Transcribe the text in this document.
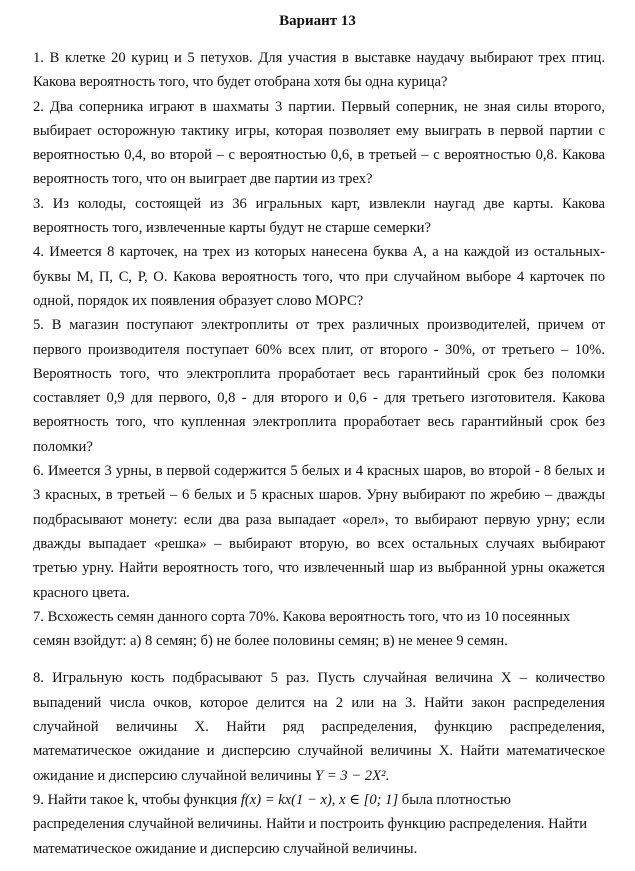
Вариант 13

1. В клетке 20 куриц и 5 петухов. Для участия в выставке наудачу выбирают трех птиц. Какова вероятность того, что будет отобрана хотя бы одна курица?

2. Два соперника играют в шахматы 3 партии. Первый соперник, не зная силы второго, выбирает осторожную тактику игры, которая позволяет ему выиграть в первой партии с вероятностью 0,4, во второй – с вероятностью 0,6, в третьей – с вероятностью 0,8. Какова вероятность того, что он выиграет две партии из трех?

3. Из колоды, состоящей из 36 игральных карт, извлекли наугад две карты. Какова вероятность того, извлеченные карты будут не старше семерки?

4. Имеется 8 карточек, на трех из которых нанесена буква А, а на каждой из остальных- буквы М, П, С, Р, О. Какова вероятность того, что при случайном выборе 4 карточек по одной, порядок их появления образует слово МОРС?

5. В магазин поступают электроплиты от трех различных производителей, причем от первого производителя поступает 60% всех плит, от второго - 30%, от третьего – 10%. Вероятность того, что электроплита проработает весь гарантийный срок без поломки составляет 0,9 для первого, 0,8 - для второго и 0,6 - для третьего изготовителя. Какова вероятность того, что купленная электроплита проработает весь гарантийный срок без поломки?

6. Имеется 3 урны, в первой содержится 5 белых и 4 красных шаров, во второй - 8 белых и 3 красных, в третьей – 6 белых и 5 красных шаров. Урну выбирают по жребию – дважды подбрасывают монету: если два раза выпадает «орел», то выбирают первую урну; если дважды выпадает «решка» – выбирают вторую, во всех остальных случаях выбирают третью урну. Найти вероятность того, что извлеченный шар из выбранной урны окажется красного цвета.

7. Всхожесть семян данного сорта 70%. Какова вероятность того, что из 10 посеянных
семян взойдут: а) 8 семян; б) не более половины семян; в) не менее 9 семян.

8. Игральную кость подбрасывают 5 раз. Пусть случайная величина X – количество выпадений числа очков, которое делится на 2 или на 3. Найти закон распределения случайной величины X. Найти ряд распределения, функцию распределения, математическое ожидание и дисперсию случайной величины X. Найти математическое ожидание и дисперсию случайной величины Y = 3 − 2X².

9. Найти такое k, чтобы функция f(x) = kx(1 − x), x ∈ [0; 1] была плотностью
распределения случайной величины. Найти и построить функцию распределения. Найти
математическое ожидание и дисперсию случайной величины.
